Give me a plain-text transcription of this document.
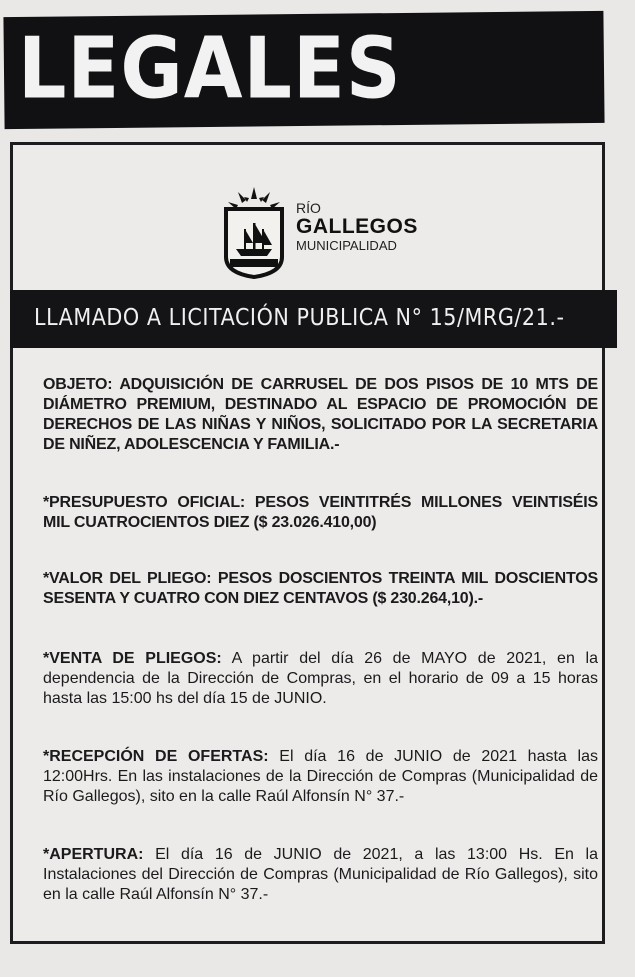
LEGALES
RÍO
GALLEGOS
MUNICIPALIDAD
LLAMADO A LICITACIÓN PUBLICA N° 15/MRG/21.-

OBJETO: ADQUISICIÓN DE CARRUSEL DE DOS PISOS DE 10 MTS DE DIÁMETRO PREMIUM, DESTINADO AL ESPACIO DE PROMOCIÓN DE DERECHOS DE LAS NIÑAS Y NIÑOS, SOLICITADO POR LA SECRETARIA DE NIÑEZ, ADOLESCENCIA Y FAMILIA.-

*PRESUPUESTO OFICIAL: PESOS VEINTITRÉS MILLONES VEINTISÉIS MIL CUATROCIENTOS DIEZ ($ 23.026.410,00)

*VALOR DEL PLIEGO: PESOS DOSCIENTOS TREINTA MIL DOSCIENTOS SESENTA Y CUATRO CON DIEZ CENTAVOS ($ 230.264,10).-

*VENTA DE PLIEGOS: A partir del día 26 de MAYO de 2021, en la dependencia de la Dirección de Compras, en el horario de 09 a 15 horas hasta las 15:00 hs del día 15 de JUNIO.

*RECEPCIÓN DE OFERTAS: El día 16 de JUNIO de 2021 hasta las 12:00Hrs. En las instalaciones de la Dirección de Compras (Municipalidad de Río Gallegos), sito en la calle Raúl Alfonsín N° 37.-

*APERTURA: El día 16 de JUNIO de 2021, a las 13:00 Hs. En la Instalaciones del Dirección de Compras (Municipalidad de Río Gallegos), sito en la calle Raúl Alfonsín N° 37.-
